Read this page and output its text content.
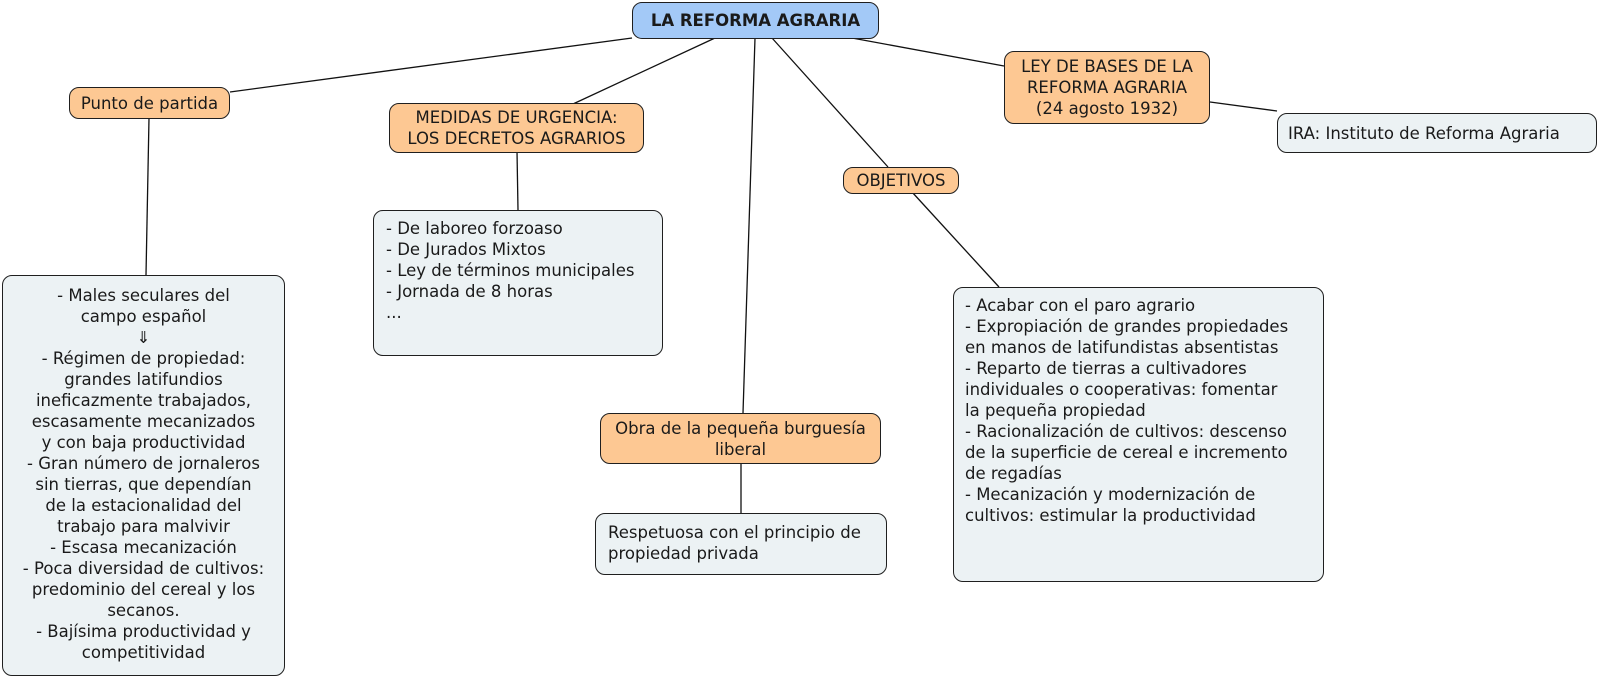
LA REFORMA AGRARIA
Punto de partida
- Males seculares del
campo español
⇓
- Régimen de propiedad:
grandes latifundios
ineficazmente trabajados,
escasamente mecanizados
y con baja productividad
- Gran número de jornaleros
sin tierras, que dependían
de la estacionalidad del
trabajo para malvivir
- Escasa mecanización
- Poca diversidad de cultivos:
predominio del cereal y los
secanos.
- Bajísima productividad y
competitividad
MEDIDAS DE URGENCIA:
LOS DECRETOS AGRARIOS
- De laboreo forzoaso
- De Jurados Mixtos
- Ley de términos municipales
- Jornada de 8 horas
...
Obra de la pequeña burguesía
liberal
Respetuosa con el principio de
propiedad privada
OBJETIVOS
- Acabar con el paro agrario
- Expropiación de grandes propiedades
en manos de latifundistas absentistas
- Reparto de tierras a cultivadores
individuales o cooperativas: fomentar
la pequeña propiedad
- Racionalización de cultivos: descenso
de la superficie de cereal e incremento
de regadías
- Mecanización y modernización de
cultivos: estimular la productividad
LEY DE BASES DE LA
REFORMA AGRARIA
(24 agosto 1932)
IRA: Instituto de Reforma Agraria
